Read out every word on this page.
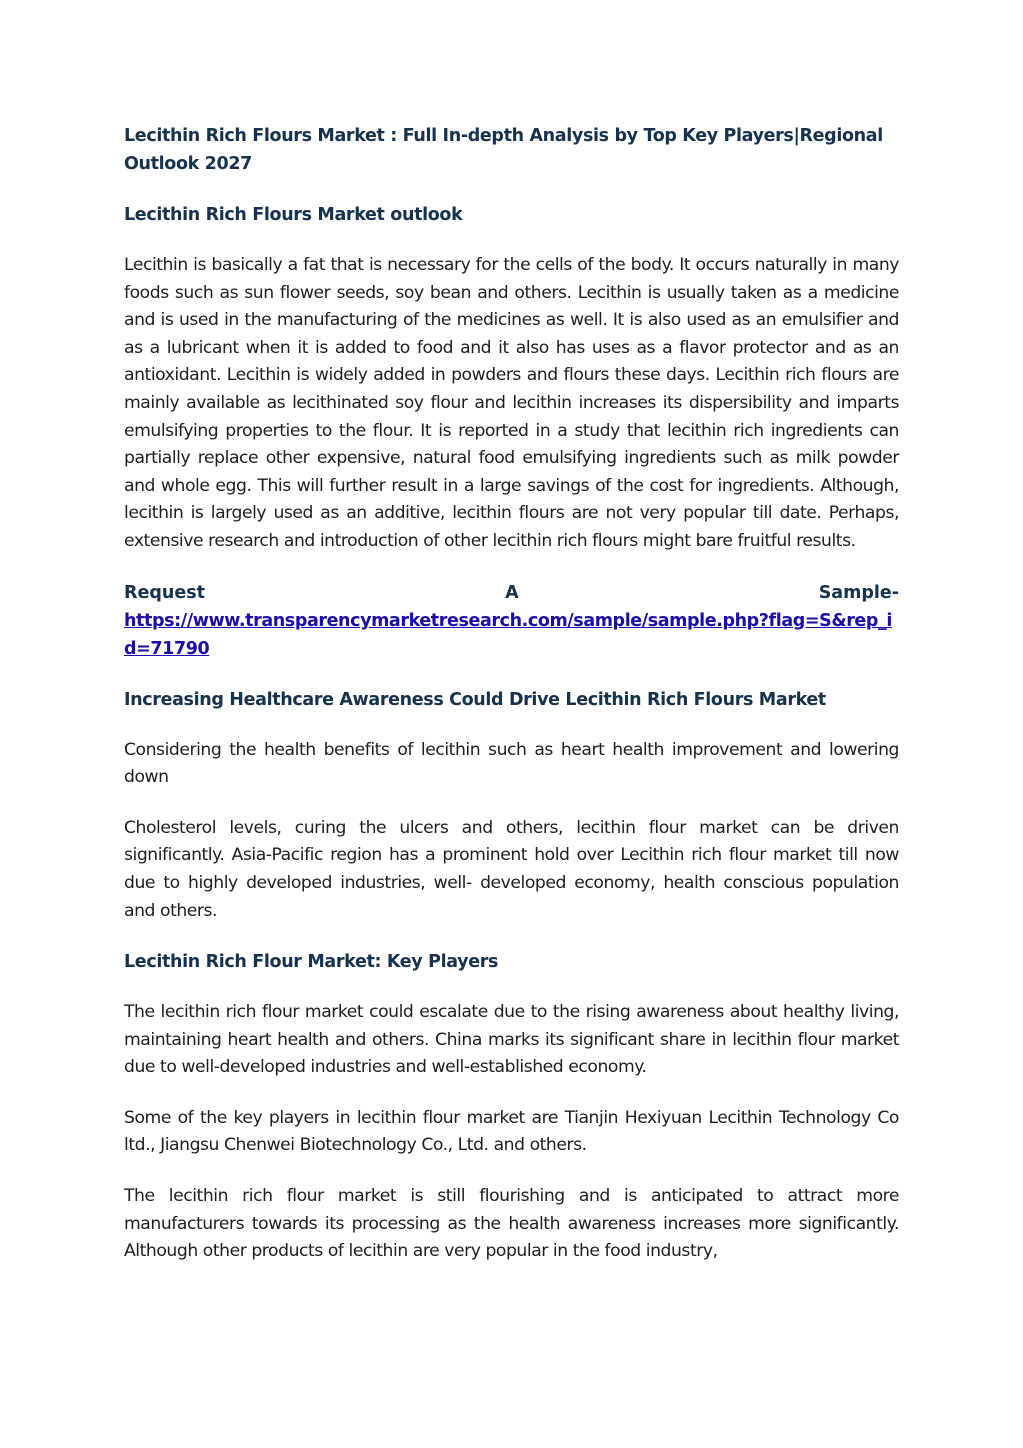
Lecithin Rich Flours Market : Full In-depth Analysis by Top Key Players|Regional Outlook 2027
Lecithin Rich Flours Market outlook

Lecithin is basically a fat that is necessary for the cells of the body. It occurs naturally in many foods such as sun flower seeds, soy bean and others. Lecithin is usually taken as a medicine and is used in the manufacturing of the medicines as well. It is also used as an emulsifier and as a lubricant when it is added to food and it also has uses as a flavor protector and as an antioxidant. Lecithin is widely added in powders and flours these days. Lecithin rich flours are mainly available as lecithinated soy flour and lecithin increases its dispersibility and imparts emulsifying properties to the flour. It is reported in a study that lecithin rich ingredients can partially replace other expensive, natural food emulsifying ingredients such as milk powder and whole egg. This will further result in a large savings of the cost for ingredients. Although, lecithin is largely used as an additive, lecithin flours are not very popular till date. Perhaps, extensive research and introduction of other lecithin rich flours might bare fruitful results.

Request	A	Sample-
https://www.transparencymarketresearch.com/sample/sample.php?flag=S&rep_id=71790
Increasing Healthcare Awareness Could Drive Lecithin Rich Flours Market

Considering the health benefits of lecithin such as heart health improvement and lowering down

Cholesterol levels, curing the ulcers and others, lecithin flour market can be driven significantly. Asia-Pacific region has a prominent hold over Lecithin rich flour market till now due to highly developed industries, well- developed economy, health conscious population and others.

Lecithin Rich Flour Market: Key Players

The lecithin rich flour market could escalate due to the rising awareness about healthy living, maintaining heart health and others. China marks its significant share in lecithin flour market due to well-developed industries and well-established economy.

Some of the key players in lecithin flour market are Tianjin Hexiyuan Lecithin Technology Co ltd., Jiangsu Chenwei Biotechnology Co., Ltd. and others.

The lecithin rich flour market is still flourishing and is anticipated to attract more manufacturers towards its processing as the health awareness increases more significantly. Although other products of lecithin are very popular in the food industry,
